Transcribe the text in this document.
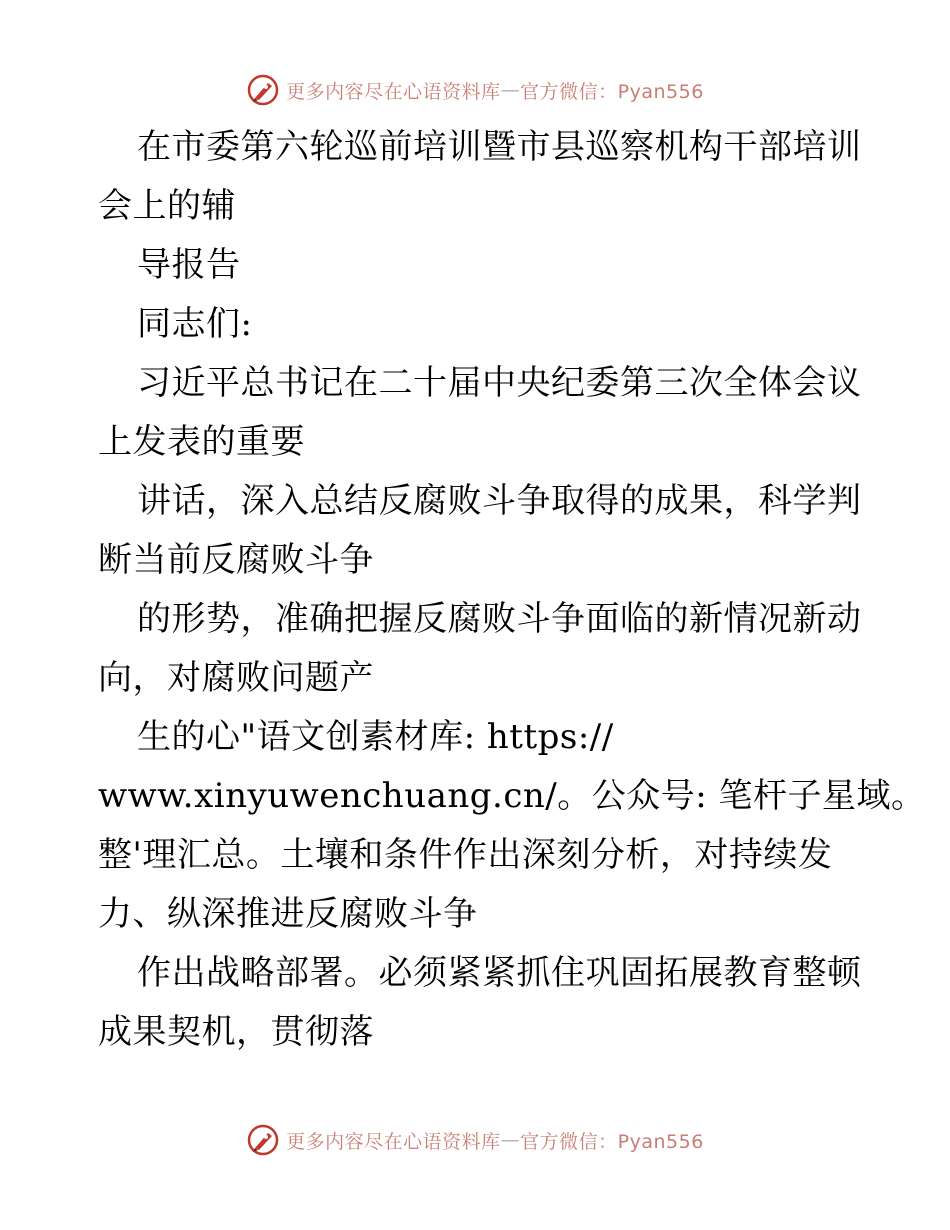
更多内容尽在心语资料库 — 官方微信：Pyan556
在市委第六轮巡前培训暨市县巡察机构干部培训
会上的辅
导报告
同志们:
习近平总书记在二十届中央纪委第三次全体会议
上发表的重要
讲话，深入总结反腐败斗争取得的成果，科学判
断当前反腐败斗争
的形势，准确把握反腐败斗争面临的新情况新动
向，对腐败问题产
生的心"语文创素材库: https://
www.xinyuwenchuang.cn/。公众号: 笔杆子星域。
整'理汇总。土壤和条件作出深刻分析，对持续发
力、纵深推进反腐败斗争
作出战略部署。必须紧紧抓住巩固拓展教育整顿
成果契机，贯彻落
更多内容尽在心语资料库 — 官方微信：Pyan556
